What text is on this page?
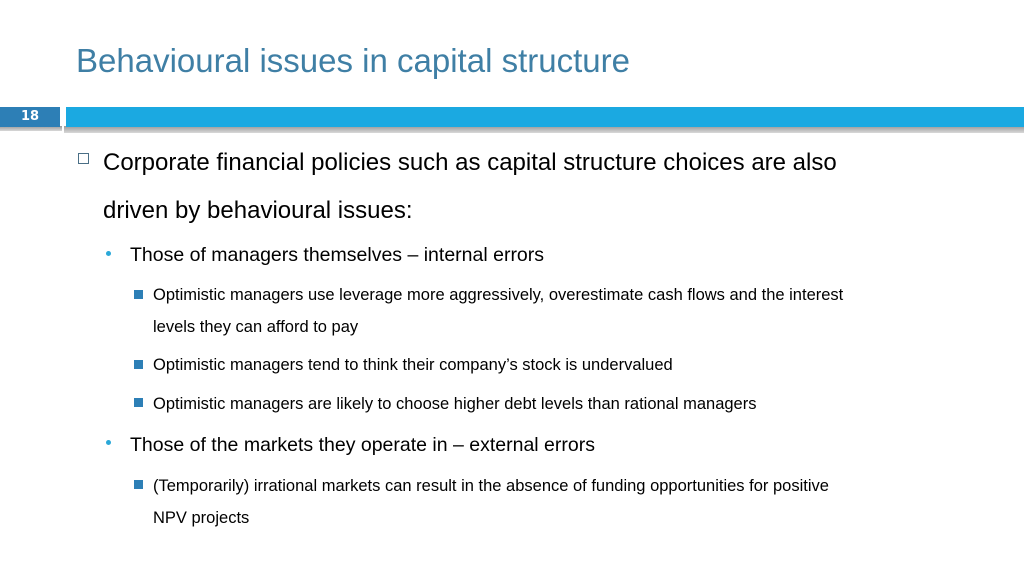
Behavioural issues in capital structure
18
Corporate financial policies such as capital structure choices are also
driven by behavioural issues:
Those of managers themselves – internal errors
Optimistic managers use leverage more aggressively, overestimate cash flows and the interest
levels they can afford to pay
Optimistic managers tend to think their company’s stock is undervalued
Optimistic managers are likely to choose higher debt levels than rational managers
Those of the markets they operate in – external errors
(Temporarily) irrational markets can result in the absence of funding opportunities for positive
NPV projects
